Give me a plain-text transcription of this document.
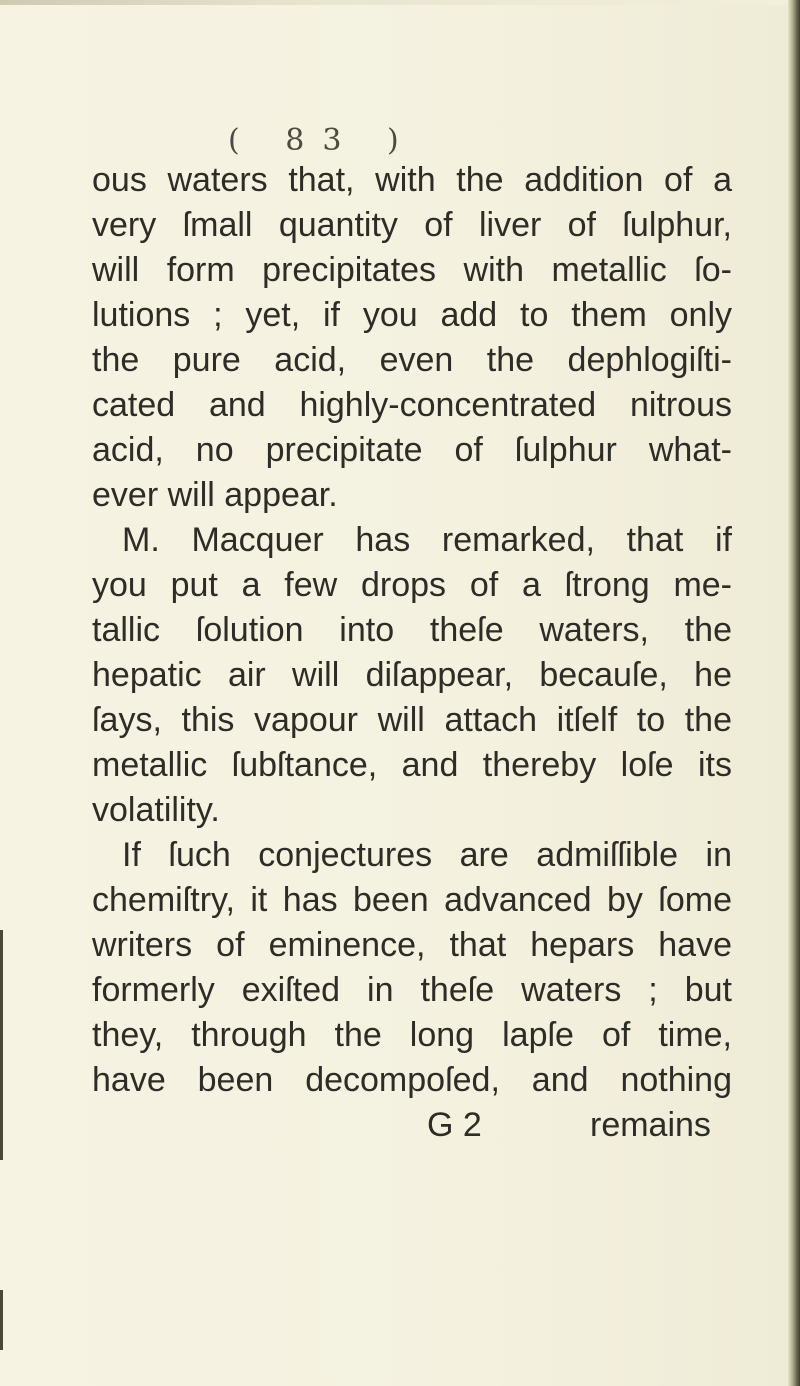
( 83 )
ous waters that, with the addition of a
very ſmall quantity of liver of ſulphur,
will form precipitates with metallic ſo-
lutions ; yet, if you add to them only
the pure acid, even the dephlogiſti-
cated and highly-concentrated nitrous
acid, no precipitate of ſulphur what-
ever will appear.
M. Macquer has remarked, that if
you put a few drops of a ſtrong me-
tallic ſolution into theſe waters, the
hepatic air will diſappear, becauſe, he
ſays, this vapour will attach itſelf to the
metallic ſubſtance, and thereby loſe its
volatility.
If ſuch conjectures are admiſſible in
chemiſtry, it has been advanced by ſome
writers of eminence, that hepars have
formerly exiſted in theſe waters ; but
they, through the long lapſe of time,
have been decompoſed, and nothing
G 2	remains
